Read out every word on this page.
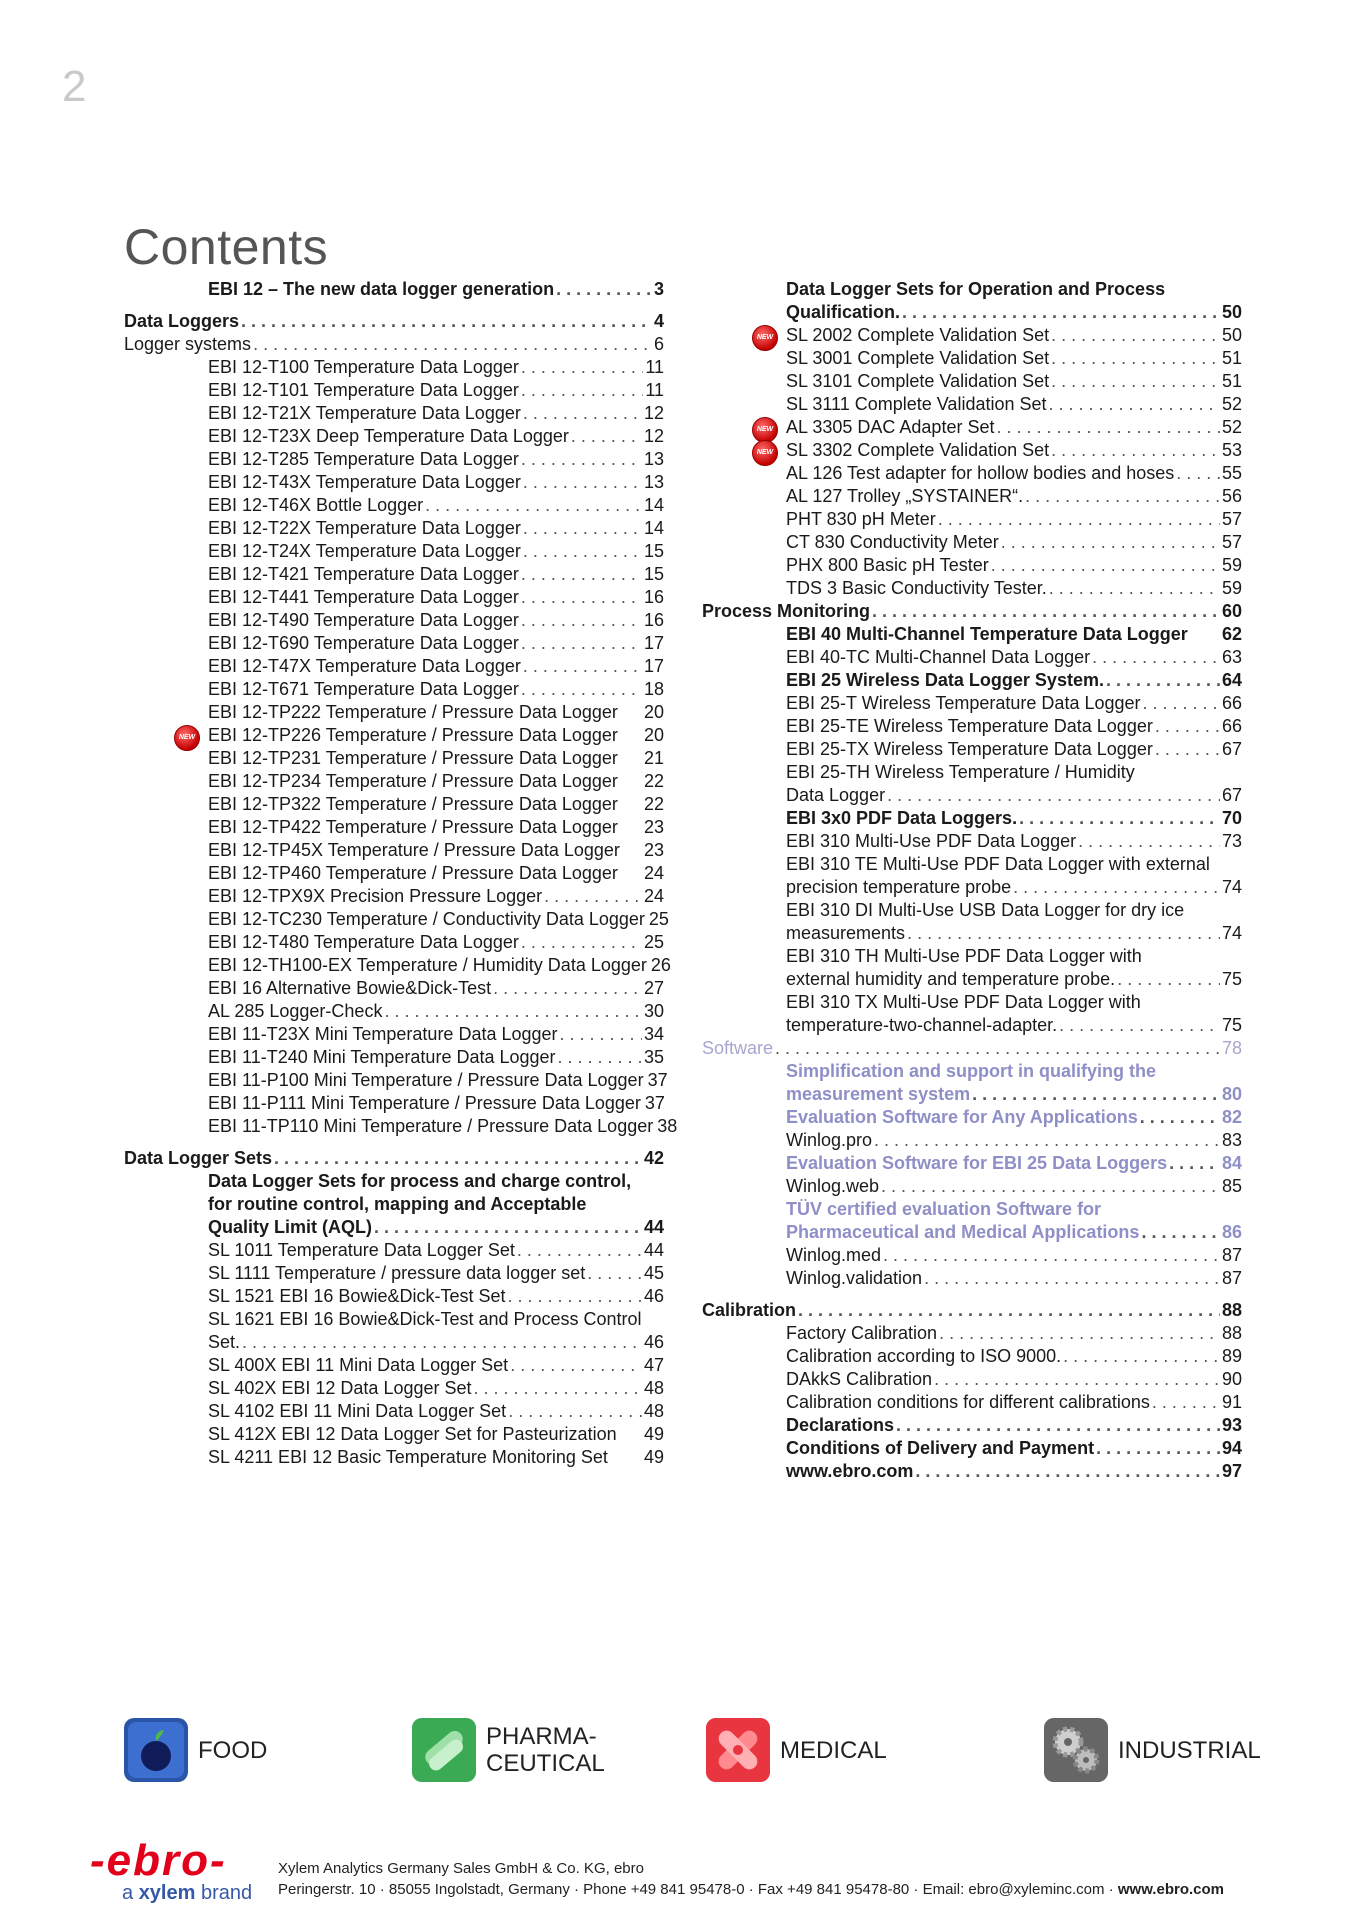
2
Contents
EBI 12 – The new data logger generation . . .	3
Data Loggers . . .	4
Logger systems . . .	6
EBI 12-T100 Temperature Data Logger . . .	11
EBI 12-T101 Temperature Data Logger . . .	11
EBI 12-T21X Temperature Data Logger . . .	12
EBI 12-T23X Deep Temperature Data Logger . . .	12
EBI 12-T285 Temperature Data Logger . . .	13
EBI 12-T43X Temperature Data Logger . . .	13
EBI 12-T46X Bottle Logger . . .	14
EBI 12-T22X Temperature Data Logger . . .	14
EBI 12-T24X Temperature Data Logger . . .	15
EBI 12-T421 Temperature Data Logger . . .	15
EBI 12-T441 Temperature Data Logger . . .	16
EBI 12-T490 Temperature Data Logger . . .	16
EBI 12-T690 Temperature Data Logger . . .	17
EBI 12-T47X Temperature Data Logger . . .	17
EBI 12-T671 Temperature Data Logger . . .	18
EBI 12-TP222 Temperature / Pressure Data Logger 20
NEW EBI 12-TP226 Temperature / Pressure Data Logger 20
EBI 12-TP231 Temperature / Pressure Data Logger 21
EBI 12-TP234 Temperature / Pressure Data Logger 22
EBI 12-TP322 Temperature / Pressure Data Logger 22
EBI 12-TP422 Temperature / Pressure Data Logger 23
EBI 12-TP45X Temperature / Pressure Data Logger 23
EBI 12-TP460 Temperature / Pressure Data Logger 24
EBI 12-TPX9X Precision Pressure Logger . . .	24
EBI 12-TC230 Temperature / Conductivity Data Logger 25
EBI 12-T480 Temperature Data Logger . . .	25
EBI 12-TH100-EX Temperature / Humidity Data Logger 26
EBI 16 Alternative Bowie&Dick-Test . . .	27
AL 285 Logger-Check . . .	30
EBI 11-T23X Mini Temperature Data Logger . . .	34
EBI 11-T240 Mini Temperature Data Logger . . .	35
EBI 11-P100 Mini Temperature / Pressure Data Logger 37
EBI 11-P111 Mini Temperature / Pressure Data Logger 37
EBI 11-TP110 Mini Temperature / Pressure Data Logger 38
Data Logger Sets . . .	42
Data Logger Sets for process and charge control,
for routine control, mapping and Acceptable
Quality Limit (AQL) . . .	44
SL 1011 Temperature Data Logger Set . . .	44
SL 1111 Temperature / pressure data logger set . . .	45
SL 1521 EBI 16 Bowie&Dick-Test Set . . .	46
SL 1621 EBI 16 Bowie&Dick-Test and Process Control
Set. . . .	46
SL 400X EBI 11 Mini Data Logger Set . . .	47
SL 402X EBI 12 Data Logger Set . . .	48
SL 4102 EBI 11 Mini Data Logger Set . . .	48
SL 412X EBI 12 Data Logger Set for Pasteurization 49
SL 4211 EBI 12 Basic Temperature Monitoring Set 49
Data Logger Sets for Operation and Process
Qualification. . . .	50
NEW SL 2002 Complete Validation Set . . .	50
SL 3001 Complete Validation Set . . .	51
SL 3101 Complete Validation Set . . .	51
SL 3111 Complete Validation Set . . .	52
NEW AL 3305 DAC Adapter Set . . .	52
NEW SL 3302 Complete Validation Set . . .	53
AL 126 Test adapter for hollow bodies and hoses . . .	55
AL 127 Trolley „SYSTAINER“. . . .	56
PHT 830 pH Meter . . .	57
CT 830 Conductivity Meter . . .	57
PHX 800 Basic pH Tester . . .	59
TDS 3 Basic Conductivity Tester. . . .	59
Process Monitoring . . .	60
EBI 40 Multi-Channel Temperature Data Logger 62
EBI 40-TC Multi-Channel Data Logger . . .	63
EBI 25 Wireless Data Logger System. . . .	64
EBI 25-T Wireless Temperature Data Logger . . .	66
EBI 25-TE Wireless Temperature Data Logger . . .	66
EBI 25-TX Wireless Temperature Data Logger . . .	67
EBI 25-TH Wireless Temperature / Humidity
Data Logger . . .	67
EBI 3x0 PDF Data Loggers. . . .	70
EBI 310 Multi-Use PDF Data Logger . . .	73
EBI 310 TE Multi-Use PDF Data Logger with external
precision temperature probe . . .	74
EBI 310 DI Multi-Use USB Data Logger for dry ice
measurements . . .	74
EBI 310 TH Multi-Use PDF Data Logger with
external humidity and temperature probe. . . .	75
EBI 310 TX Multi-Use PDF Data Logger with
temperature-two-channel-adapter. . . .	75
Software . . .	78
Simplification and support in qualifying the
measurement system . . .	80
Evaluation Software for Any Applications . . .	82
Winlog.pro . . .	83
Evaluation Software for EBI 25 Data Loggers . . .	84
Winlog.web . . .	85
TÜV certified evaluation Software for
Pharmaceutical and Medical Applications . . .	86
Winlog.med . . .	87
Winlog.validation . . .	87
Calibration . . .	88
Factory Calibration . . .	88
Calibration according to ISO 9000. . . .	89
DAkkS Calibration . . .	90
Calibration conditions for different calibrations . . .	91
Declarations . . .	93
Conditions of Delivery and Payment . . .	94
www.ebro.com . . .	97
FOOD	PHARMA-
CEUTICAL	MEDICAL	INDUSTRIAL
-ebro-
a xylem brand
Xylem Analytics Germany Sales GmbH & Co. KG, ebro
Peringerstr. 10 · 85055 Ingolstadt, Germany · Phone +49 841 95478-0 · Fax +49 841 95478-80 · Email: ebro@xyleminc.com · www.ebro.com
